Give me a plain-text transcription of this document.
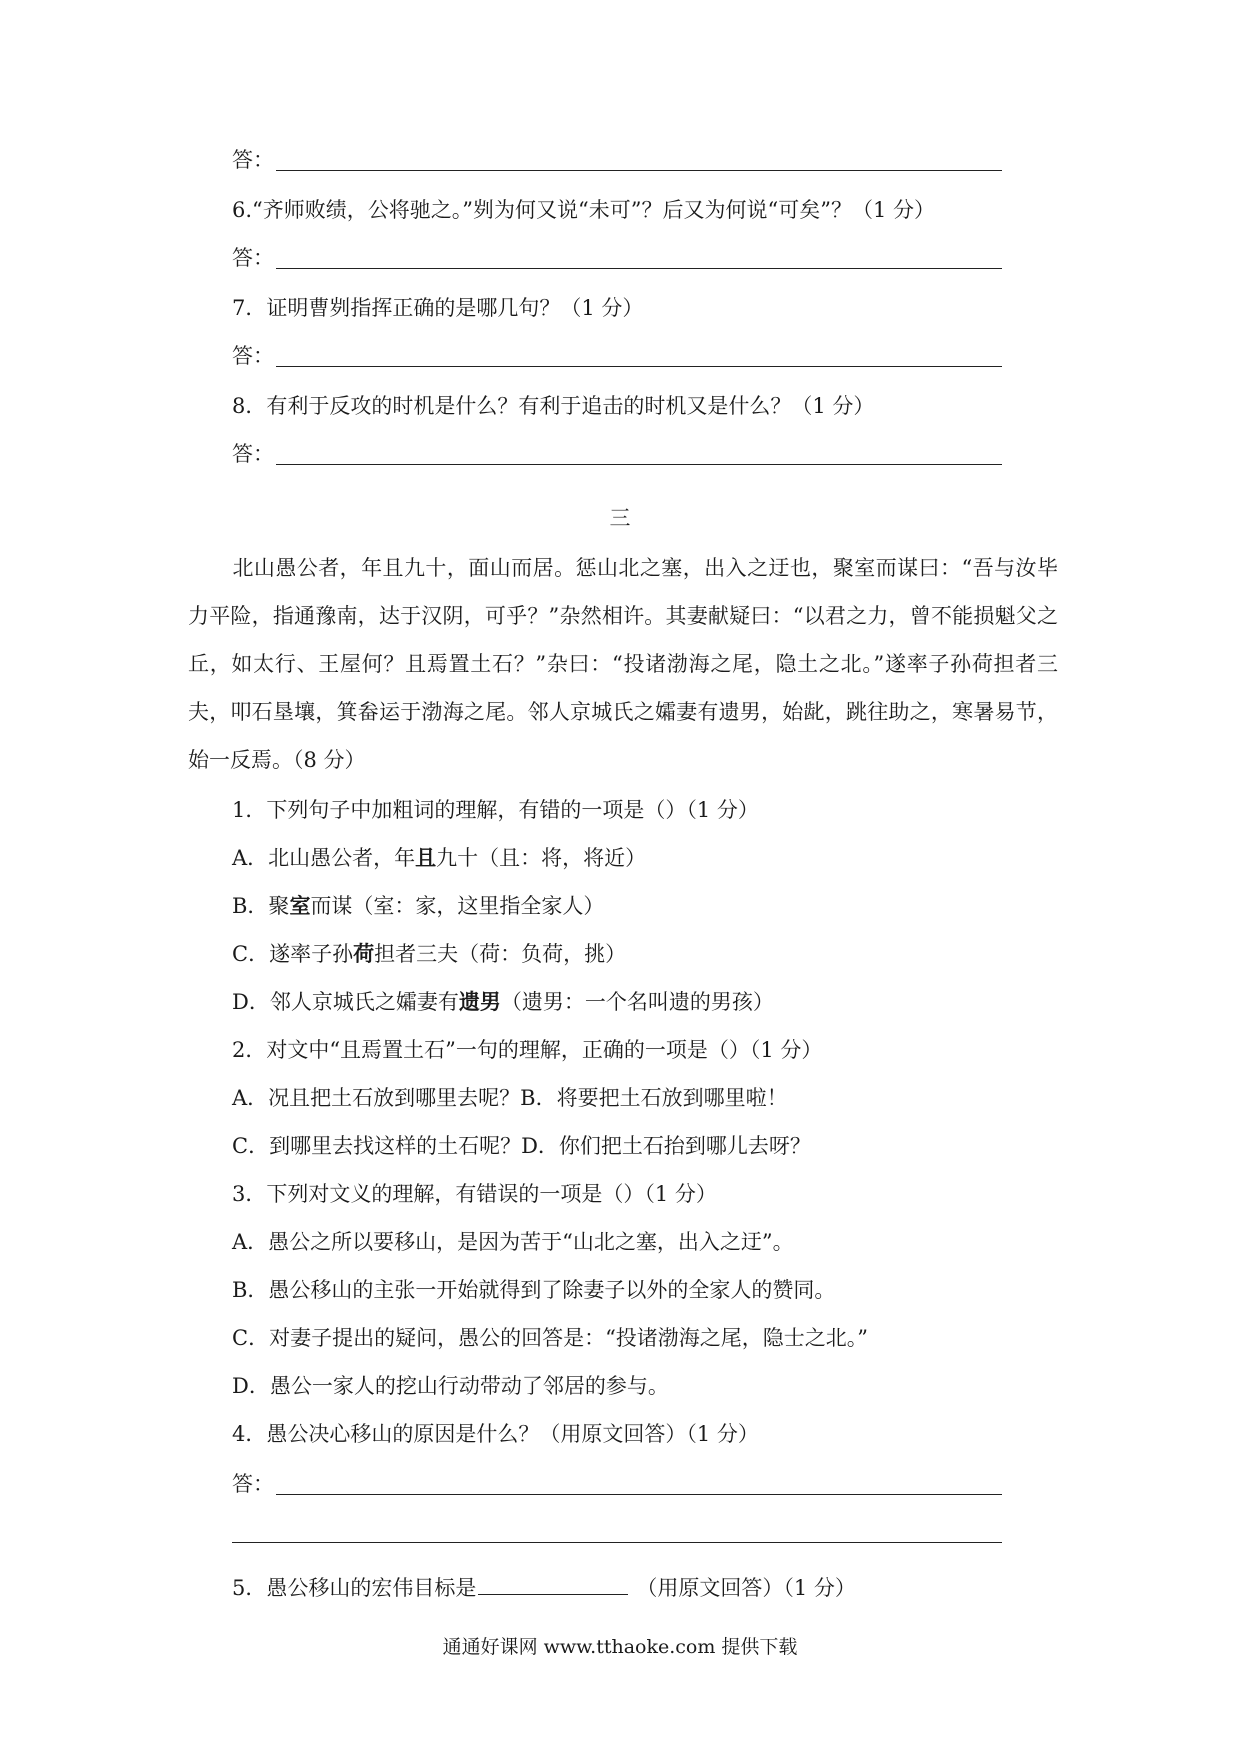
答：
6.“齐师败绩，公将驰之。”刿为何又说“未可”？后又为何说“可矣”？（1 分）
答：
7．证明曹刿指挥正确的是哪几句？（1 分）
答：
8．有利于反攻的时机是什么？有利于追击的时机又是什么？（1 分）
答：
三
北山愚公者，年且九十，面山而居。惩山北之塞，出入之迂也，聚室而谋曰：“吾与汝毕力平险，指通豫南，达于汉阴，可乎？”杂然相许。其妻献疑曰：“以君之力，曾不能损魁父之丘，如太行、王屋何？且焉置土石？”杂曰：“投诸渤海之尾，隐土之北。”遂率子孙荷担者三夫，叩石垦壤，箕畚运于渤海之尾。邻人京城氏之孀妻有遗男，始龀，跳往助之，寒暑易节，始一反焉。（8 分）
1．下列句子中加粗词的理解，有错的一项是（）（1 分）
A．北山愚公者，年且九十（且：将，将近）
B．聚室而谋（室：家，这里指全家人）
C．遂率子孙荷担者三夫（荷：负荷，挑）
D．邻人京城氏之孀妻有遗男（遗男：一个名叫遗的男孩）
2．对文中“且焉置土石”一句的理解，正确的一项是（）（1 分）
A．况且把土石放到哪里去呢？B．将要把土石放到哪里啦！
C．到哪里去找这样的土石呢？D．你们把土石抬到哪儿去呀？
3．下列对文义的理解，有错误的一项是（）（1 分）
A．愚公之所以要移山，是因为苦于“山北之塞，出入之迂”。
B．愚公移山的主张一开始就得到了除妻子以外的全家人的赞同。
C．对妻子提出的疑问，愚公的回答是：“投诸渤海之尾，隐士之北。”
D．愚公一家人的挖山行动带动了邻居的参与。
4．愚公决心移山的原因是什么？（用原文回答）（1 分）
答：
5．愚公移山的宏伟目标是	（用原文回答）（1 分）
通通好课网 www.tthaoke.com 提供下载
